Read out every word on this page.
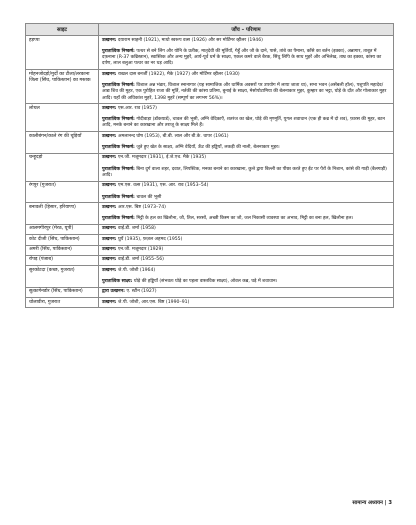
साइट	जाँच – परिणाम
हड़प्पा	उत्खनन: दयाराम साहनी (1921), माधो स्वरूप वत्स (1926) और सर मोर्टिमर व्हीलर (1946)
पुरातात्विक निष्कर्ष: पत्थर से बने लिंग और योनि के प्रतीक, मातृदेवी की मूर्तियाँ, गेहूँ और जौ के दाने, पासे, तांबे का पैमाना, काँसे का बर्तन (इक्का), अन्नागार, ताबूत में दफ़नाना (R-37 कब्रिस्तान), स्वास्तिक और अन्य मुहरें, आर्य-पूर्व धर्म के साक्ष्य, एकल कमरे वाले बैरक, सिंधु लिपि के साथ मुहरें और अभिलेख, ताम्र का इक्का, कांस्य का दर्पण, लाल बलुआ पत्थर का नर धड़ आदि।

मोहनजोदड़ो/मुर्दों का टीला/लरकाना जिला (सिंध, पाकिस्तान) का मस्तक	उत्खनन: राखल दास बनर्जी (1922), मैके (1927) और मोर्टिमर व्हीलर (1930)
पुरातात्विक निष्कर्ष: विशाल अन्न भंडार, विशाल स्नानागार (यह सामाजिक और धार्मिक अवसरों पर उपयोग में लाया जाता था), सभा भवन (असेंबली हॉल), पशुपति महादेव/आद्य शिव की मुहर, एक पुरोहित राजा की मूर्ति, नर्तकी की कांस्य प्रतिमा, बुनाई के साक्ष्य, मेसोपोटामिया की बेलनाकार मुहर, कुम्हार का भट्टा, घोड़े के दाँत और गोलाकार मुहर आदि। यहाँ की अधिकांश मुहरें, 1398 मुहरें (सम्पूर्ण का लगभग 56%)।

लोथल	उत्खनन: एस.आर. राव (1957)
पुरातात्विक निष्कर्ष: गोदीवाड़ा (डॉकयार्ड), चावल की भूसी, अग्नि वेदिकाएँ, शतरंज का खेल, घोड़े की मृण्मूर्ति, युगल शवाधान (एक ही कब्र में दो शव), फ़ारस की मुहर, बटन आदि, मनके बनाने का कारखाना और तराजू के साक्ष्य मिले हैं।

कालीबंगन/काले रंग की चूड़ियाँ	उत्खनन: अमलानन्द घोष (1953), बी.बी. लाल और बी.के. थापर (1961)
पुरातात्विक निष्कर्ष: जुते हुए खेत के साक्ष्य, अग्नि वेदियाँ, ऊँट की हड्डियाँ, लकड़ी की नाली, बेलनाकार मुहर।

चन्हूदड़ो	उत्खनन: एन.जी. मजूमदार (1931), ई.जे.एच. मैके (1935)
पुरातात्विक निष्कर्ष: बिना दुर्ग वाला शहर, दवात, लिपस्टिक, मनका बनाने का कारखाना, कुत्ते द्वारा बिल्ली का पीछा करते हुए ईंट पर पैरों के निशान, कांसे की गाड़ी (बैलगाड़ी) आदि।

रंगपुर (गुजरात)	उत्खनन: एम.एस. वत्स (1931), एस. आर. राव (1953–54)
पुरातात्विक निष्कर्ष: चावल की भूसी

बनावली (हिसार, हरियाणा)	उत्खनन: आर.एस. बिष्ट (1973–74)
पुरातात्विक निष्कर्ष: मिट्टी के हल का खिलौना, जौ, तिल, सरसों, अच्छी किस्म का जौ, जल निकासी व्यवस्था का अभाव, मिट्टी का बना हल, खिलौना हल।

आलमगीरपुर (मेरठ, यूपी)	उत्खनन: वाई.डी. शर्मा (1958)

कोट दीजी (सिंध, पाकिस्तान)	उत्खनन: घुर्ये (1935), फ़ज़ल अहमद (1955)

अमरी (सिंध, पाकिस्तान)	उत्खनन: एन.जी. मजूमदार (1929)

रोपड़ (पंजाब)	उत्खनन: वाई.डी. शर्मा (1955–56)

सुरकोटदा (कच्छ, गुजरात)	उत्खनन: जे.पी. जोशी (1964)
पुरातात्विक साक्ष्य: घोड़े की हड्डियाँ (संभवतः घोड़े का पहला वास्तविक साक्ष्य), ओवल कब्र, घड़े में शवाधान।

सुत्कागेनडोर (सिंध, पाकिस्तान)	द्वारा उत्खनन: ए. स्टीन (1927)

धोलावीरा, गुजरात	उत्खनन: जे.पी. जोशी, आर.एस. बिष्ट (1990–91)
सामान्य अध्ययन | 3
